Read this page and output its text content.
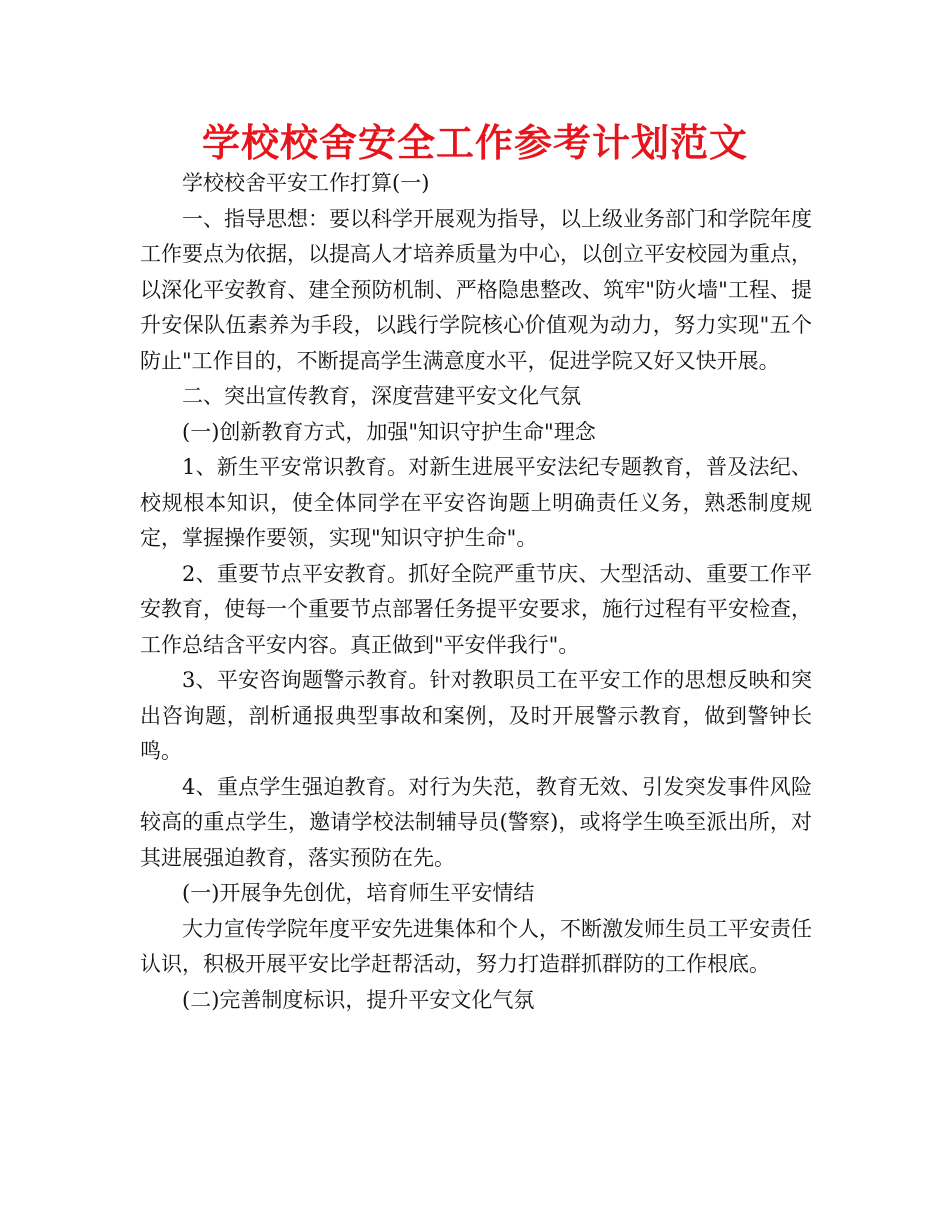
学校校舍安全工作参考计划范文

学校校舍平安工作打算(一)

一、指导思想：要以科学开展观为指导，以上级业务部门和学院年度工作要点为依据，以提高人才培养质量为中心，以创立平安校园为重点，以深化平安教育、建全预防机制、严格隐患整改、筑牢"防火墙"工程、提升安保队伍素养为手段，以践行学院核心价值观为动力，努力实现"五个防止"工作目的，不断提高学生满意度水平，促进学院又好又快开展。

二、突出宣传教育，深度营建平安文化气氛

(一)创新教育方式，加强"知识守护生命"理念

1、新生平安常识教育。对新生进展平安法纪专题教育，普及法纪、校规根本知识，使全体同学在平安咨询题上明确责任义务，熟悉制度规定，掌握操作要领，实现"知识守护生命"。

2、重要节点平安教育。抓好全院严重节庆、大型活动、重要工作平安教育，使每一个重要节点部署任务提平安要求，施行过程有平安检查，工作总结含平安内容。真正做到"平安伴我行"。

3、平安咨询题警示教育。针对教职员工在平安工作的思想反映和突出咨询题，剖析通报典型事故和案例，及时开展警示教育，做到警钟长鸣。

4、重点学生强迫教育。对行为失范，教育无效、引发突发事件风险较高的重点学生，邀请学校法制辅导员(警察)，或将学生唤至派出所，对其进展强迫教育，落实预防在先。

(一)开展争先创优，培育师生平安情结

大力宣传学院年度平安先进集体和个人，不断激发师生员工平安责任认识，积极开展平安比学赶帮活动，努力打造群抓群防的工作根底。

(二)完善制度标识，提升平安文化气氛
